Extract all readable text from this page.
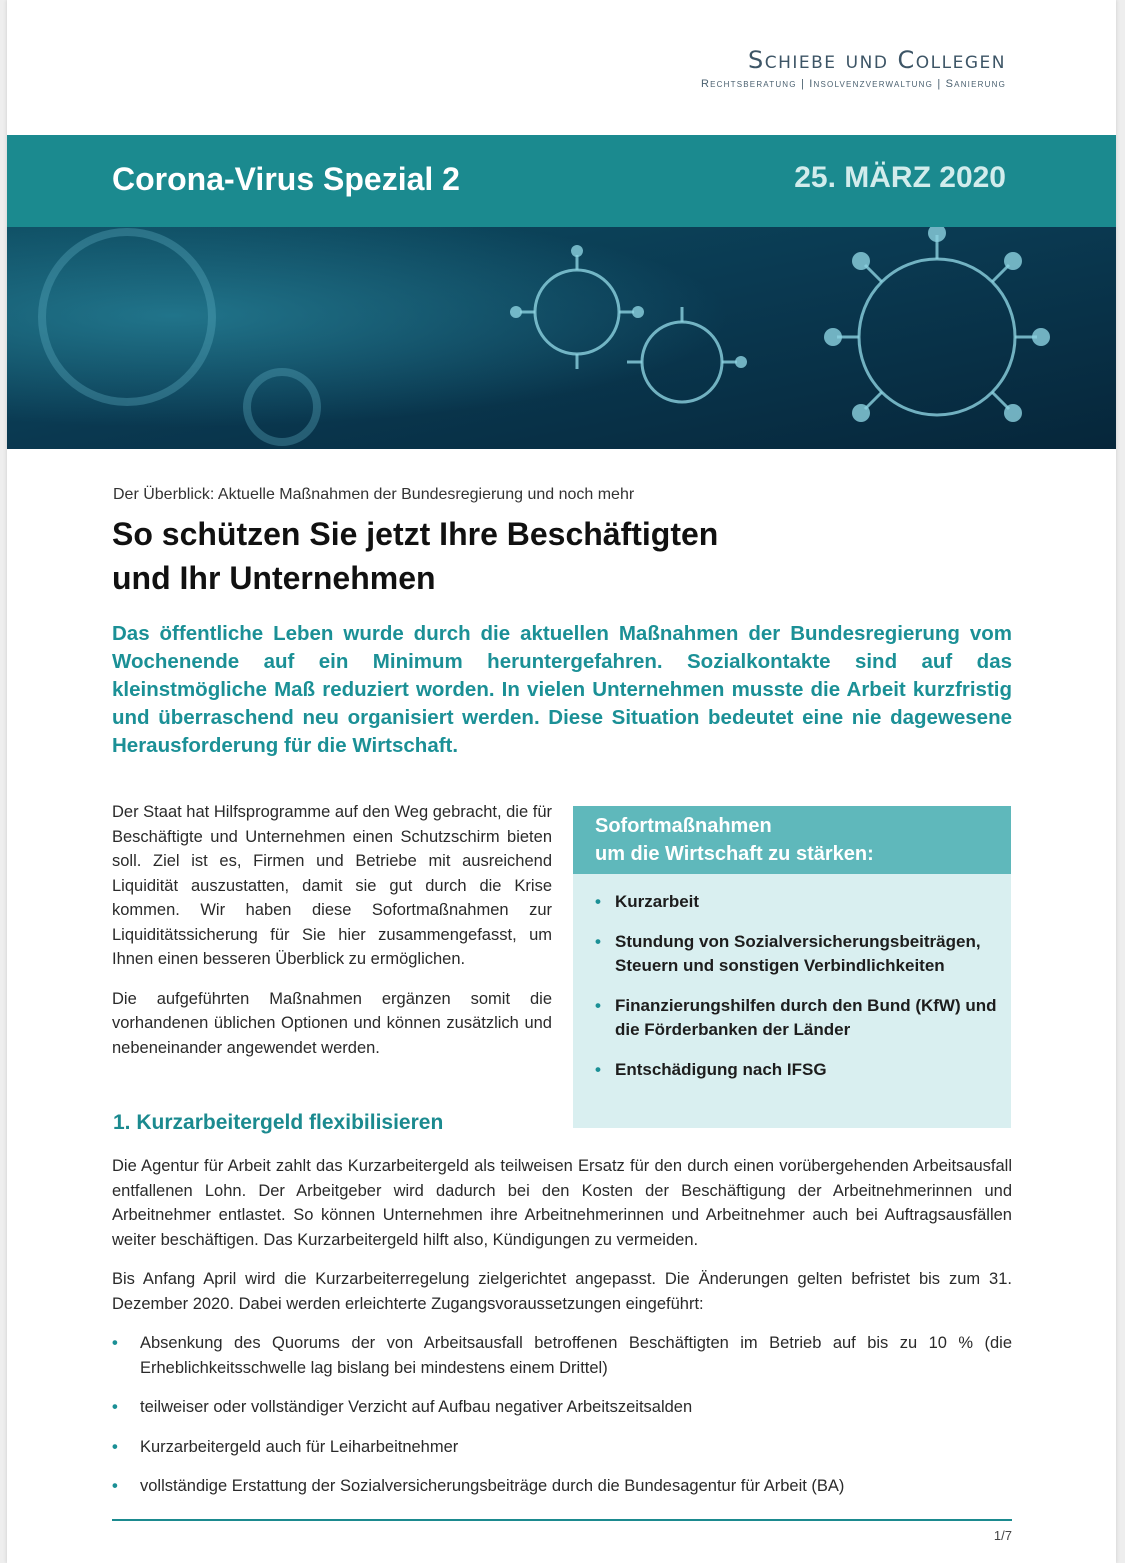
Schiebe und Collegen
Rechtsberatung | Insolvenzverwaltung | Sanierung
Corona-Virus Spezial 2	25. MÄRZ 2020
Der Überblick: Aktuelle Maßnahmen der Bundesregierung und noch mehr
So schützen Sie jetzt Ihre Beschäftigten
und Ihr Unternehmen

Das öffentliche Leben wurde durch die aktuellen Maßnahmen der Bundesregierung vom Wochenende auf ein Minimum heruntergefahren. Sozialkontakte sind auf das kleinstmögliche Maß reduziert worden. In vielen Unternehmen musste die Arbeit kurzfristig und überraschend neu organisiert werden. Diese Situation bedeutet eine nie dagewesene Herausforderung für die Wirtschaft.

Der Staat hat Hilfsprogramme auf den Weg gebracht, die für Beschäftigte und Unternehmen einen Schutzschirm bieten soll. Ziel ist es, Firmen und Betriebe mit ausreichend Liquidität auszustatten, damit sie gut durch die Krise kommen. Wir haben diese Sofortmaßnahmen zur Liquiditätssicherung für Sie hier zusammengefasst, um Ihnen einen besseren Überblick zu ermöglichen.

Die aufgeführten Maßnahmen ergänzen somit die vorhandenen üblichen Optionen und können zusätzlich und nebeneinander angewendet werden.

Sofortmaßnahmen
um die Wirtschaft zu stärken:
• Kurzarbeit
• Stundung von Sozialversicherungsbeiträgen, Steuern und sonstigen Verbindlichkeiten
• Finanzierungshilfen durch den Bund (KfW) und die Förderbanken der Länder
• Entschädigung nach IFSG
1. Kurzarbeitergeld flexibilisieren

Die Agentur für Arbeit zahlt das Kurzarbeitergeld als teilweisen Ersatz für den durch einen vorübergehenden Arbeitsausfall entfallenen Lohn. Der Arbeitgeber wird dadurch bei den Kosten der Beschäftigung der Arbeitnehmerinnen und Arbeitnehmer entlastet. So können Unternehmen ihre Arbeitnehmerinnen und Arbeitnehmer auch bei Auftragsausfällen weiter beschäftigen. Das Kurzarbeitergeld hilft also, Kündigungen zu vermeiden.

Bis Anfang April wird die Kurzarbeiterregelung zielgerichtet angepasst. Die Änderungen gelten befristet bis zum 31. Dezember 2020. Dabei werden erleichterte Zugangsvoraussetzungen eingeführt:

• Absenkung des Quorums der von Arbeitsausfall betroffenen Beschäftigten im Betrieb auf bis zu 10 % (die Erheblichkeitsschwelle lag bislang bei mindestens einem Drittel)
• teilweiser oder vollständiger Verzicht auf Aufbau negativer Arbeitszeitsalden
• Kurzarbeitergeld auch für Leiharbeitnehmer
• vollständige Erstattung der Sozialversicherungsbeiträge durch die Bundesagentur für Arbeit (BA)
1/7
